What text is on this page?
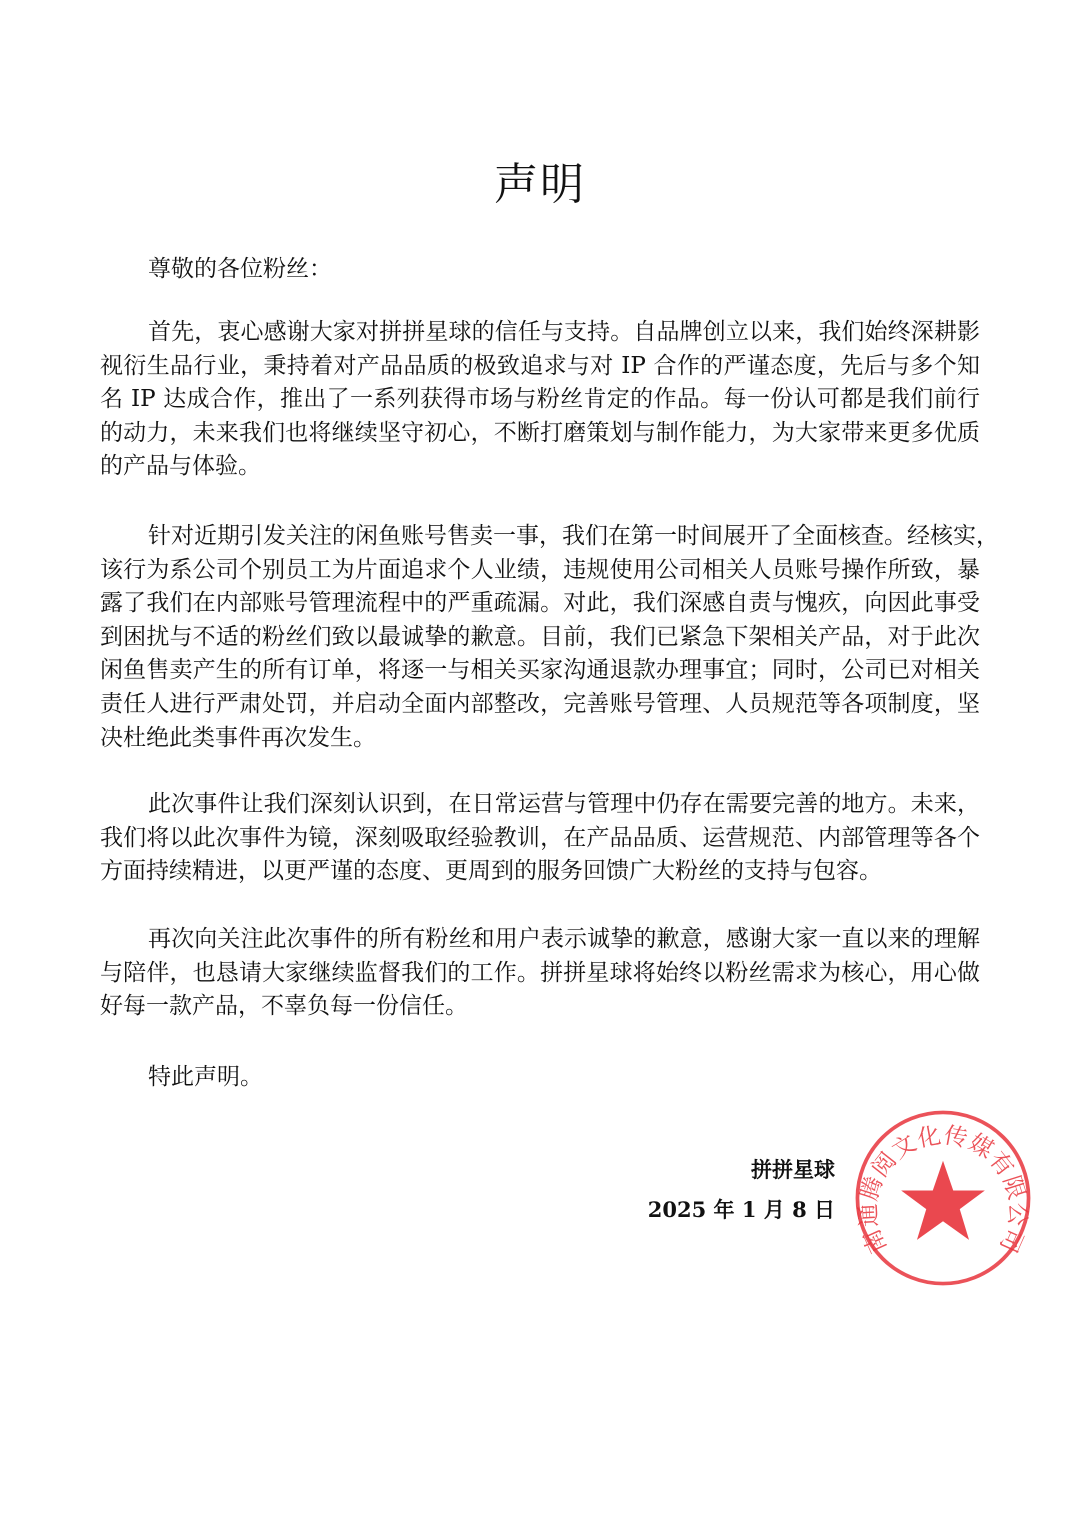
声明
尊敬的各位粉丝：
首先，衷心感谢大家对拼拼星球的信任与支持。自品牌创立以来，我们始终深耕影
视衍生品行业，秉持着对产品品质的极致追求与对 IP 合作的严谨态度，先后与多个知
名 IP 达成合作，推出了一系列获得市场与粉丝肯定的作品。每一份认可都是我们前行
的动力，未来我们也将继续坚守初心，不断打磨策划与制作能力，为大家带来更多优质
的产品与体验。
针对近期引发关注的闲鱼账号售卖一事，我们在第一时间展开了全面核查。经核实，
该行为系公司个别员工为片面追求个人业绩，违规使用公司相关人员账号操作所致，暴
露了我们在内部账号管理流程中的严重疏漏。对此，我们深感自责与愧疚，向因此事受
到困扰与不适的粉丝们致以最诚挚的歉意。目前，我们已紧急下架相关产品，对于此次
闲鱼售卖产生的所有订单，将逐一与相关买家沟通退款办理事宜；同时，公司已对相关
责任人进行严肃处罚，并启动全面内部整改，完善账号管理、人员规范等各项制度，坚
决杜绝此类事件再次发生。
此次事件让我们深刻认识到，在日常运营与管理中仍存在需要完善的地方。未来，
我们将以此次事件为镜，深刻吸取经验教训，在产品品质、运营规范、内部管理等各个
方面持续精进，以更严谨的态度、更周到的服务回馈广大粉丝的支持与包容。
再次向关注此次事件的所有粉丝和用户表示诚挚的歉意，感谢大家一直以来的理解
与陪伴，也恳请大家继续监督我们的工作。拼拼星球将始终以粉丝需求为核心，用心做
好每一款产品，不辜负每一份信任。
特此声明。
拼拼星球
2025 年 1 月 8 日
南通腾阅文化传媒有限公司
